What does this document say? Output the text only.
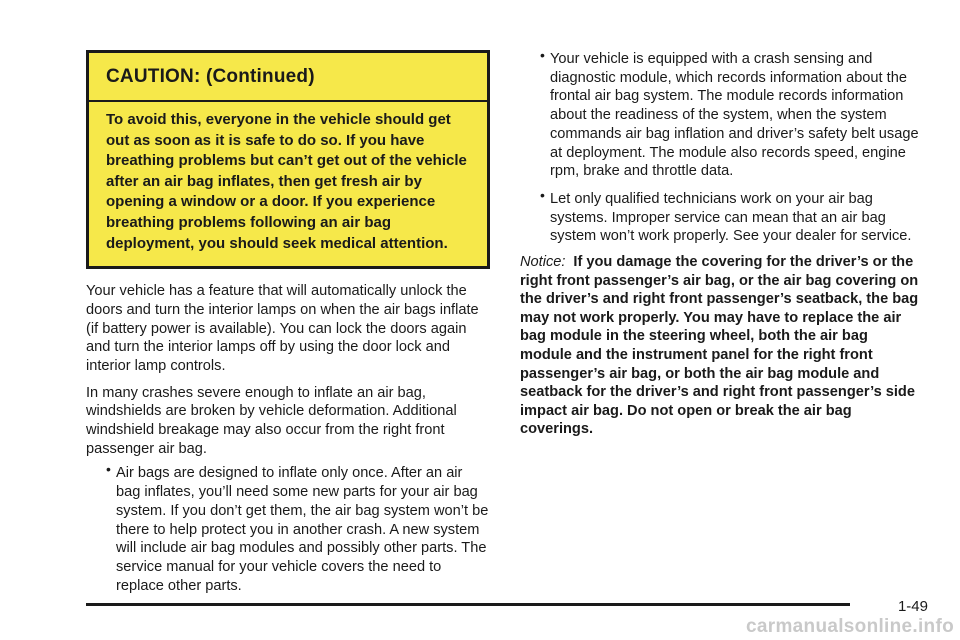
CAUTION: (Continued)
To avoid this, everyone in the vehicle should get out as soon as it is safe to do so. If you have breathing problems but can’t get out of the vehicle after an air bag inflates, then get fresh air by opening a window or a door. If you experience breathing problems following an air bag deployment, you should seek medical attention.

Your vehicle has a feature that will automatically unlock the doors and turn the interior lamps on when the air bags inflate (if battery power is available). You can lock the doors again and turn the interior lamps off by using the door lock and interior lamp controls.

In many crashes severe enough to inflate an air bag, windshields are broken by vehicle deformation. Additional windshield breakage may also occur from the right front passenger air bag.

• Air bags are designed to inflate only once. After an air bag inflates, you’ll need some new parts for your air bag system. If you don’t get them, the air bag system won’t be there to help protect you in another crash. A new system will include air bag modules and possibly other parts. The service manual for your vehicle covers the need to replace other parts.
• Your vehicle is equipped with a crash sensing and diagnostic module, which records information about the frontal air bag system. The module records information about the readiness of the system, when the system commands air bag inflation and driver’s safety belt usage at deployment. The module also records speed, engine rpm, brake and throttle data.
• Let only qualified technicians work on your air bag systems. Improper service can mean that an air bag system won’t work properly. See your dealer for service.
Notice: If you damage the covering for the driver’s or the right front passenger’s air bag, or the air bag covering on the driver’s and right front passenger’s seatback, the bag may not work properly. You may have to replace the air bag module in the steering wheel, both the air bag module and the instrument panel for the right front passenger’s air bag, or both the air bag module and seatback for the driver’s and right front passenger’s side impact air bag. Do not open or break the air bag coverings.
1-49
carmanualsonline.info
